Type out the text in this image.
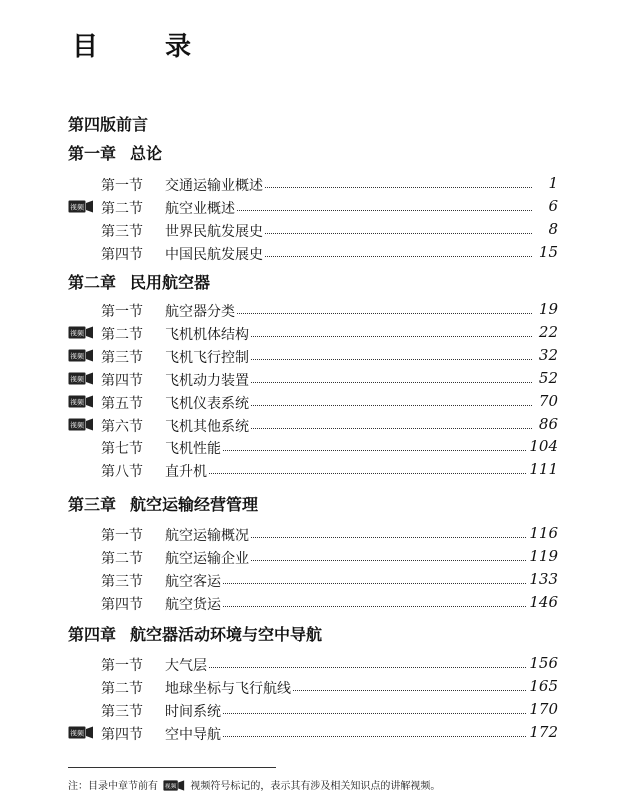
目	录
第四版前言
第一章 总论
第一节 交通运输业概述	1
视频 第二节 航空业概述	6
第三节 世界民航发展史	8
第四节 中国民航发展史	15
第二章 民用航空器
第一节 航空器分类	19
视频 第二节 飞机机体结构	22
视频 第三节 飞机飞行控制	32
视频 第四节 飞机动力装置	52
视频 第五节 飞机仪表系统	70
视频 第六节 飞机其他系统	86
第七节 飞机性能	104
第八节 直升机	111
第三章 航空运输经营管理
第一节 航空运输概况	116
第二节 航空运输企业	119
第三节 航空客运	133
第四节 航空货运	146
第四章 航空器活动环境与空中导航
第一节 大气层	156
第二节 地球坐标与飞行航线	165
第三节 时间系统	170
视频 第四节 空中导航	172
注：目录中章节前有 视频 视频符号标记的，表示其有涉及相关知识点的讲解视频。
